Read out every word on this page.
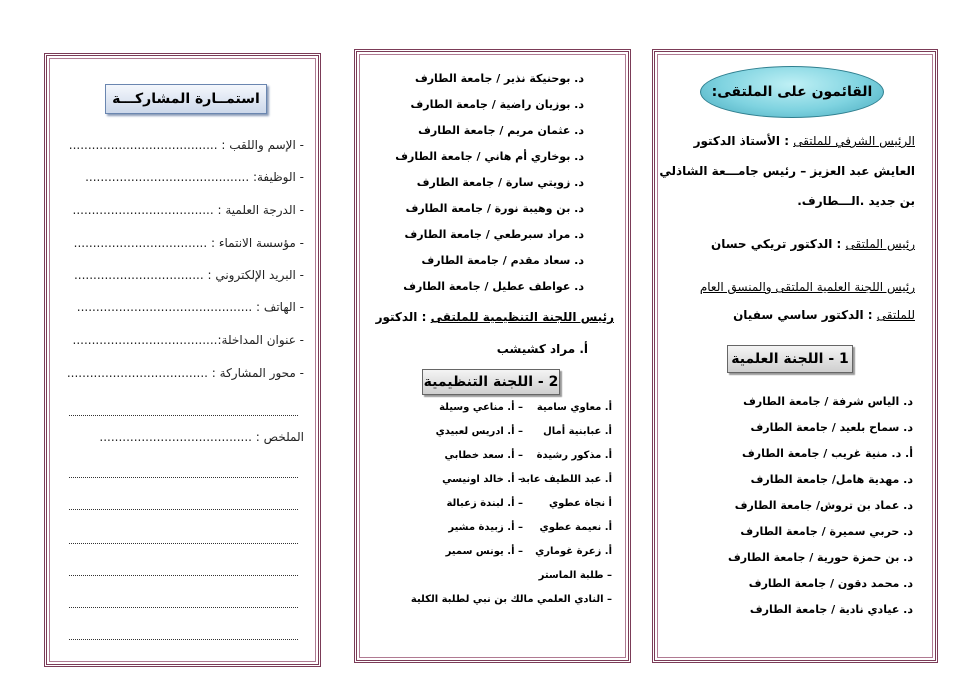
القائمون على الملتقى:
الرئيس الشرفي للملتقى : الأستاذ الدكتور
العايش عبد العزيز – رئيس جامـــعة الشاذلي
بن جديد .الـــطارف.
رئيس الملتقى : الدكتور تريكي حسان
رئيس اللجنة العلمية الملتقى والمنسق العام
للملتقى : الدكتور ساسي سفيان
1 - اللجنة العلمية
د. الياس شرفة / جامعة الطارف
د. سماح بلعيد / جامعة الطارف
أ. د. منية غريب / جامعة الطارف
د. مهدية هامل/ جامعة الطارف
د. عماد بن تروش/ جامعة الطارف
د. حربي سميرة / جامعة الطارف
د. بن حمزة حورية / جامعة الطارف
د. محمد دقون / جامعة الطارف
د. عيادي نادية / جامعة الطارف
د. بوحنيكة نذير / جامعة الطارف
د. بوزيان راضية / جامعة الطارف
د. عثمان مريم / جامعة الطارف
د. بوخاري أم هاني / جامعة الطارف
د. زويتي سارة / جامعة الطارف
د. بن وهيبة نورة / جامعة الطارف
د. مراد سبرطعي / جامعة الطارف
د. سعاد مقدم / جامعة الطارف
د. عواطف عطيل / جامعة الطارف
رئيس اللجنة التنظيمية للملتقى : الدكتور
أ. مراد كشيشب
2 - اللجنة التنظيمية
أ. معاوي سامية
– أ. مناعي وسيلة
أ. عبابنية أمال
– أ. ادريس لعبيدي
أ. مذكور رشيدة
– أ. سعد خطابي
أ. عبد اللطيف عابد
– أ. خالد اونيسي
أ نجاة عطوي
– أ. لبندة زعبالة
أ. نعيمة عطوي
– أ. زبيدة مشير
أ. زعرة غوماري
– أ. يونس سمير
– طلبة الماستر
– النادي العلمي مالك بن نبي لطلبة الكلية
استمــارة المشاركـــة
- الإسم واللقب : .......................................
- الوظيفة: ...........................................
- الدرجة العلمية : .....................................
- مؤسسة الانتماء : ...................................
- البريد الإلكتروني : ..................................
- الهاتف : ..............................................
- عنوان المداخلة:......................................
- محور المشاركة : .....................................
الملخص : ........................................
